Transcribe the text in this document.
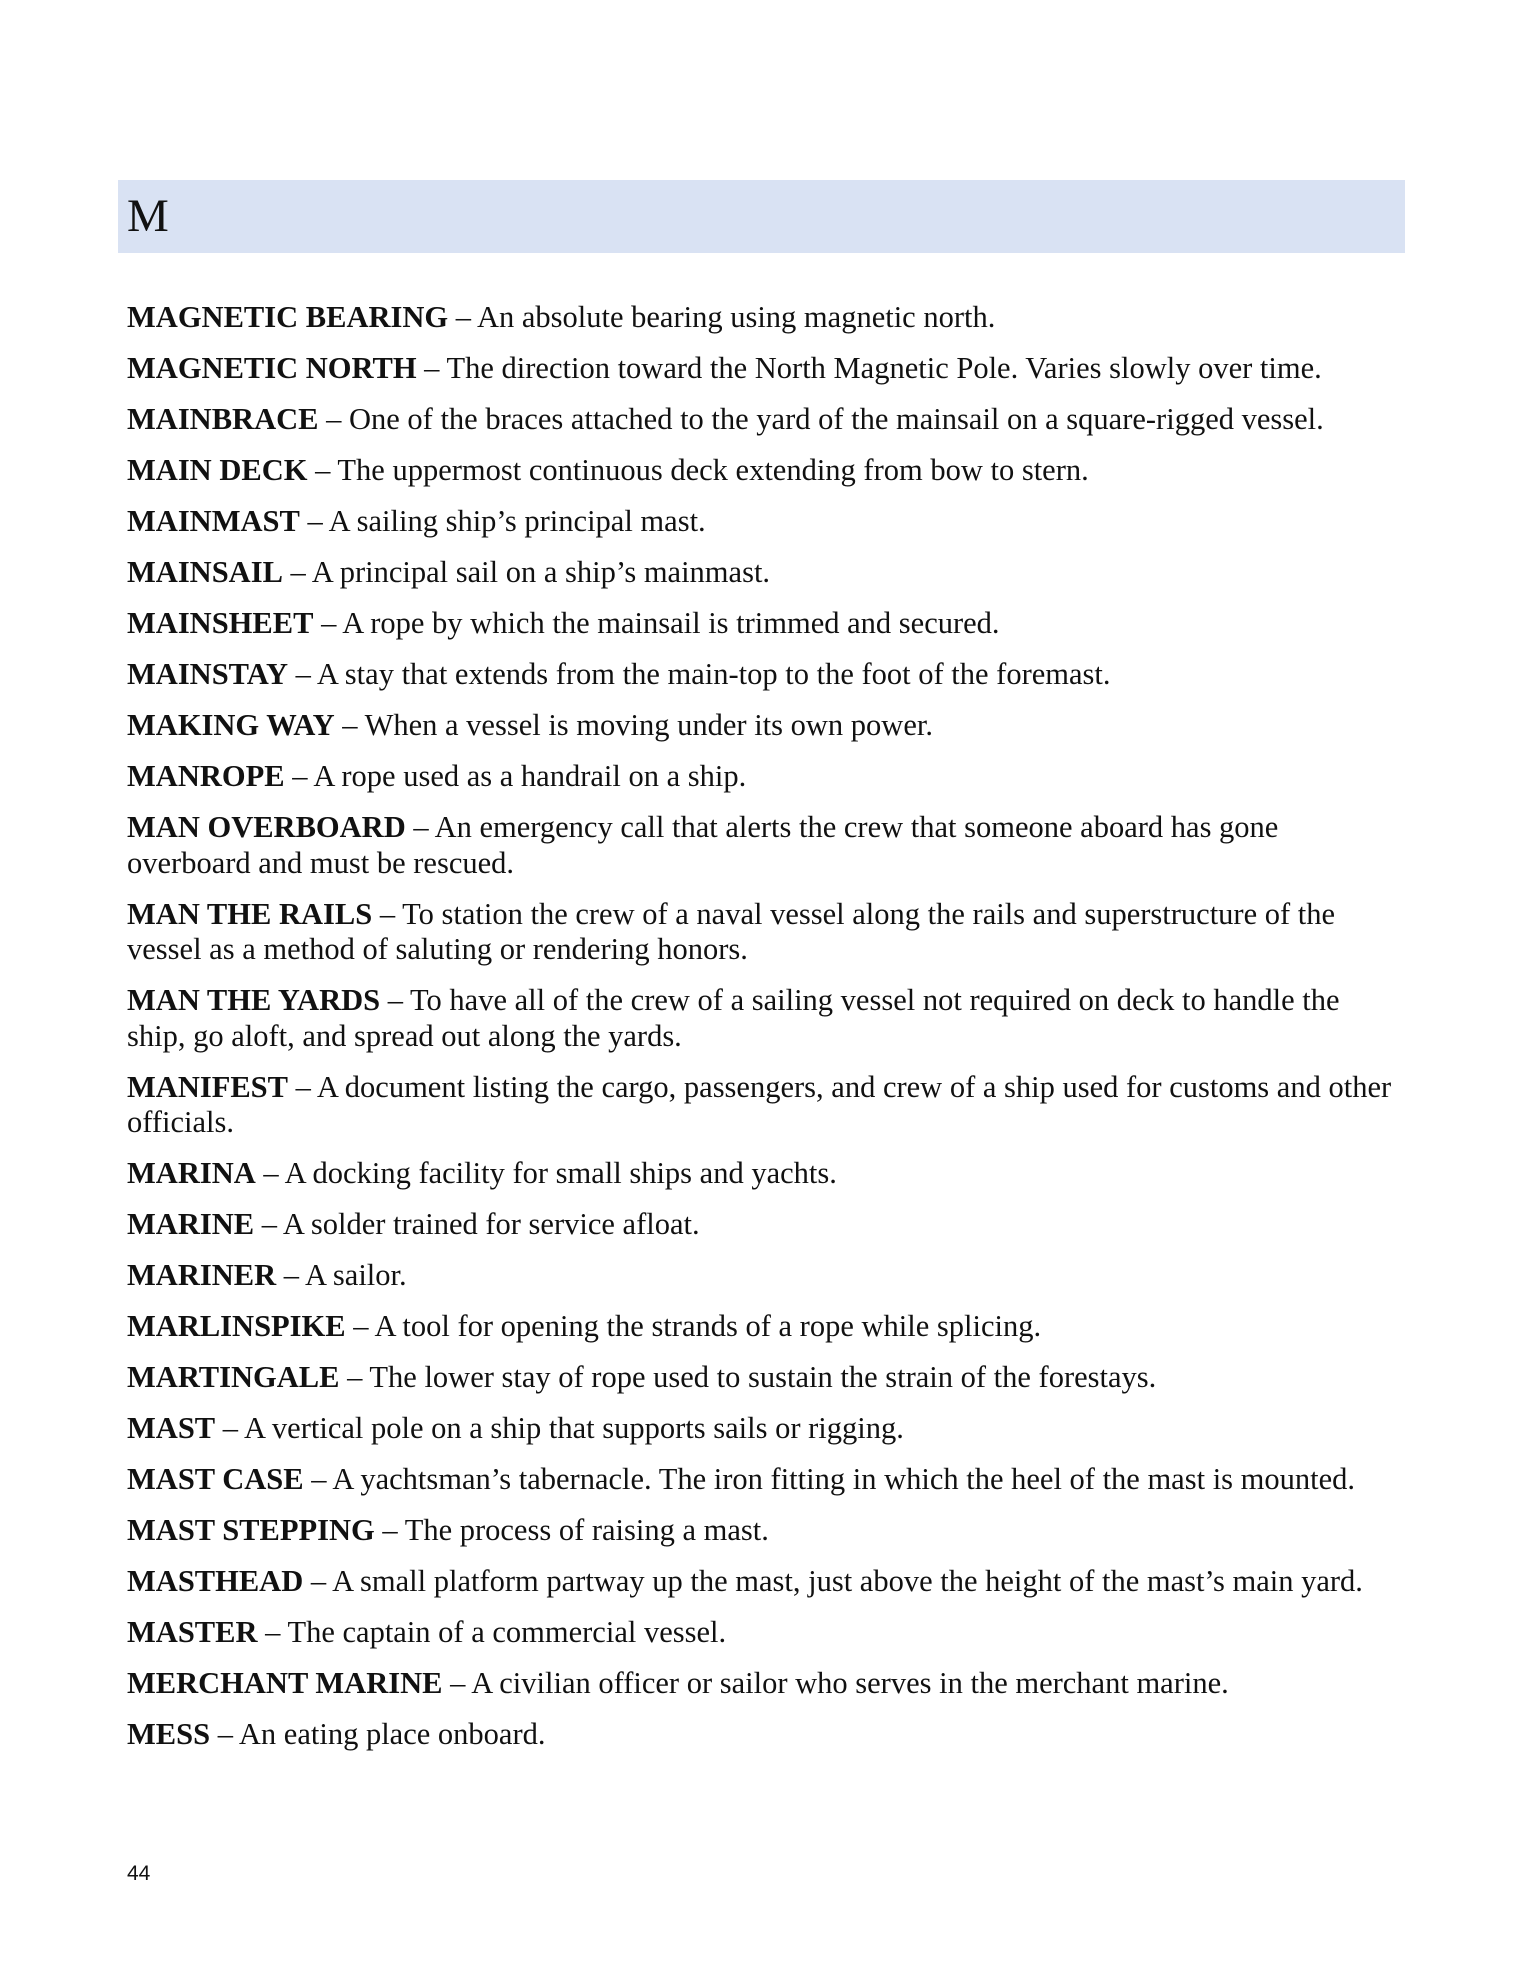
M

MAGNETIC BEARING – An absolute bearing using magnetic north.

MAGNETIC NORTH – The direction toward the North Magnetic Pole. Varies slowly over time.

MAINBRACE – One of the braces attached to the yard of the mainsail on a square-rigged vessel.

MAIN DECK – The uppermost continuous deck extending from bow to stern.

MAINMAST – A sailing ship’s principal mast.

MAINSAIL – A principal sail on a ship’s mainmast.

MAINSHEET – A rope by which the mainsail is trimmed and secured.

MAINSTAY – A stay that extends from the main-top to the foot of the foremast.

MAKING WAY – When a vessel is moving under its own power.

MANROPE – A rope used as a handrail on a ship.

MAN OVERBOARD – An emergency call that alerts the crew that someone aboard has gone overboard and must be rescued.

MAN THE RAILS – To station the crew of a naval vessel along the rails and superstructure of the vessel as a method of saluting or rendering honors.

MAN THE YARDS – To have all of the crew of a sailing vessel not required on deck to handle the ship, go aloft, and spread out along the yards.

MANIFEST – A document listing the cargo, passengers, and crew of a ship used for customs and other officials.

MARINA – A docking facility for small ships and yachts.

MARINE – A solder trained for service afloat.

MARINER – A sailor.

MARLINSPIKE – A tool for opening the strands of a rope while splicing.

MARTINGALE – The lower stay of rope used to sustain the strain of the forestays.

MAST – A vertical pole on a ship that supports sails or rigging.

MAST CASE – A yachtsman’s tabernacle. The iron fitting in which the heel of the mast is mounted.

MAST STEPPING – The process of raising a mast.

MASTHEAD – A small platform partway up the mast, just above the height of the mast’s main yard.

MASTER – The captain of a commercial vessel.

MERCHANT MARINE – A civilian officer or sailor who serves in the merchant marine.

MESS – An eating place onboard.

44
